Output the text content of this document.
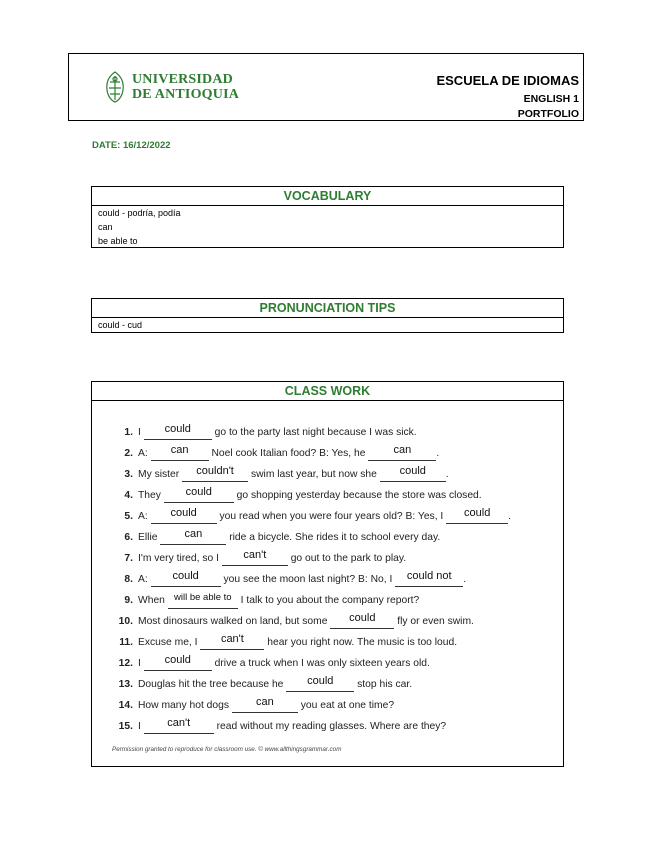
UNIVERSIDAD
DE ANTIOQUIA
ESCUELA DE IDIOMAS
ENGLISH 1
PORTFOLIO
DATE: 16/12/2022
VOCABULARY
could - podría, podía
can
be able to
PRONUNCIATION TIPS
could - cud
CLASS WORK
1. I could go to the party last night because I was sick.
2. A: can Noel cook Italian food? B: Yes, he	can .
3. My sister couldn't swim last year, but now she could .
4. They could go shopping yesterday because the store was closed.
5. A: could you read when you were four years old? B: Yes, I could .
6. Ellie can	ride a bicycle. She rides it to school every day.
7. I'm very tired, so I can't go out to the park to play.
8. A: could you see the moon last night? B: No, I could not .
9. When will be able to I talk to you about the company report?
10. Most dinosaurs walked on land, but some could fly or even swim.
11. Excuse me, I can't hear you right now. The music is too loud.
12. I could drive a truck when I was only sixteen years old.
13. Douglas hit the tree because he could stop his car.
14. How many hot dogs can	you eat at one time?
15. I can't	read without my reading glasses. Where are they?
Permission granted to reproduce for classroom use. © www.allthingsgrammar.com
